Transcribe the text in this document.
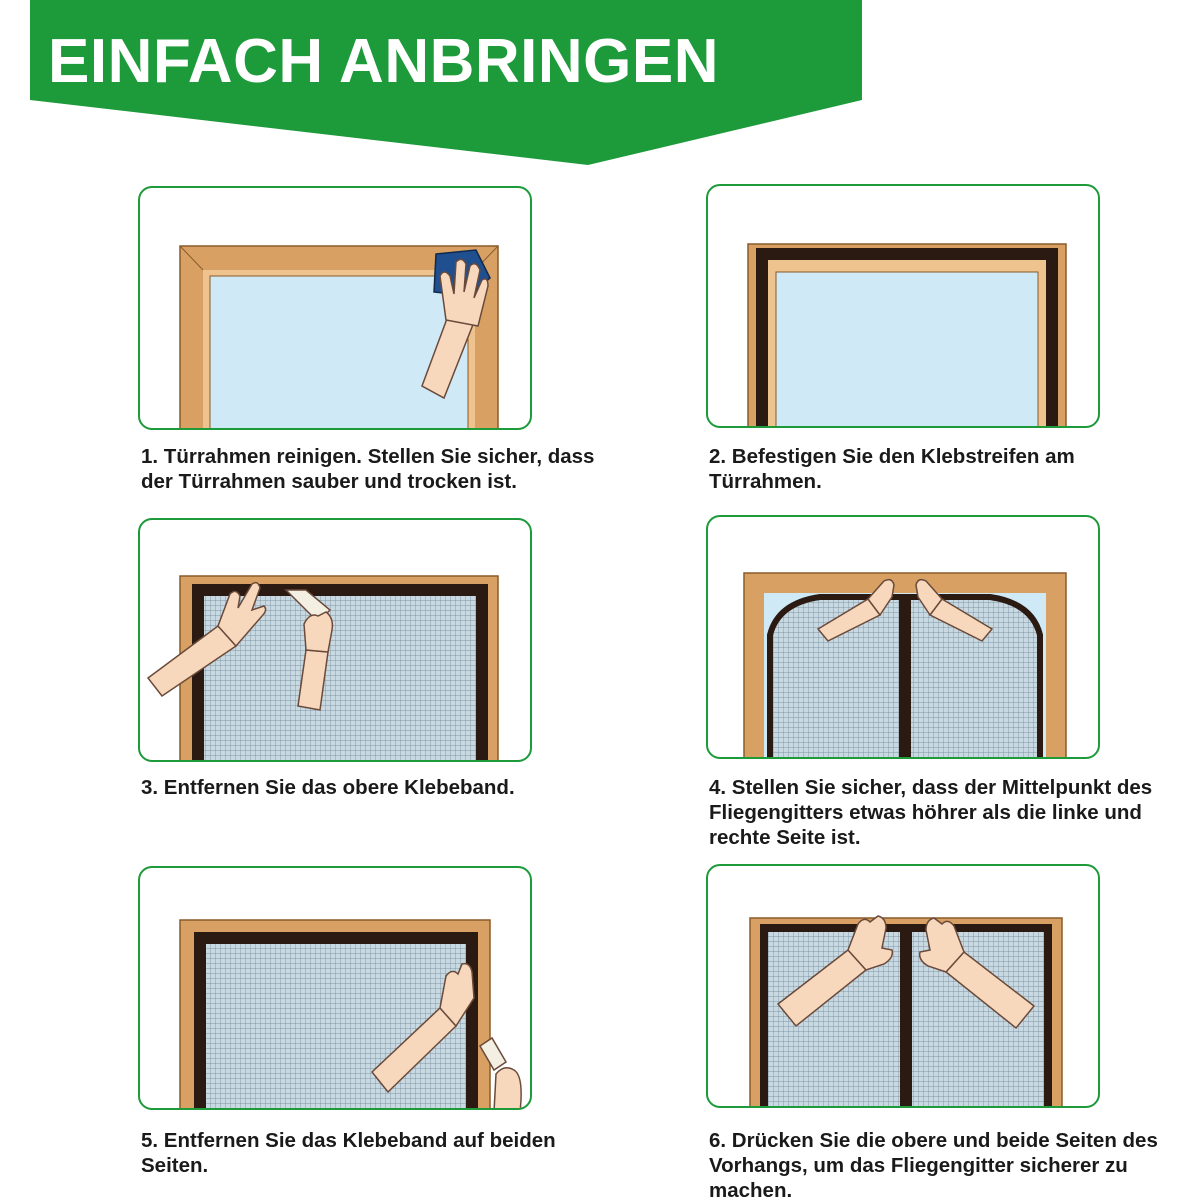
EINFACH ANBRINGEN
1. Türrahmen reinigen. Stellen Sie sicher, dass der Türrahmen sauber und trocken ist.
2. Befestigen Sie den Klebstreifen am Türrahmen.
3. Entfernen Sie das obere Klebeband.	4. Stellen Sie sicher, dass der Mittelpunkt des Fliegengitters etwas höhrer als die linke und rechte Seite ist.
5. Entfernen Sie das Klebeband auf beiden Seiten.
6. Drücken Sie die obere und beide Seiten des Vorhangs, um das Fliegengitter sicherer zu machen.
